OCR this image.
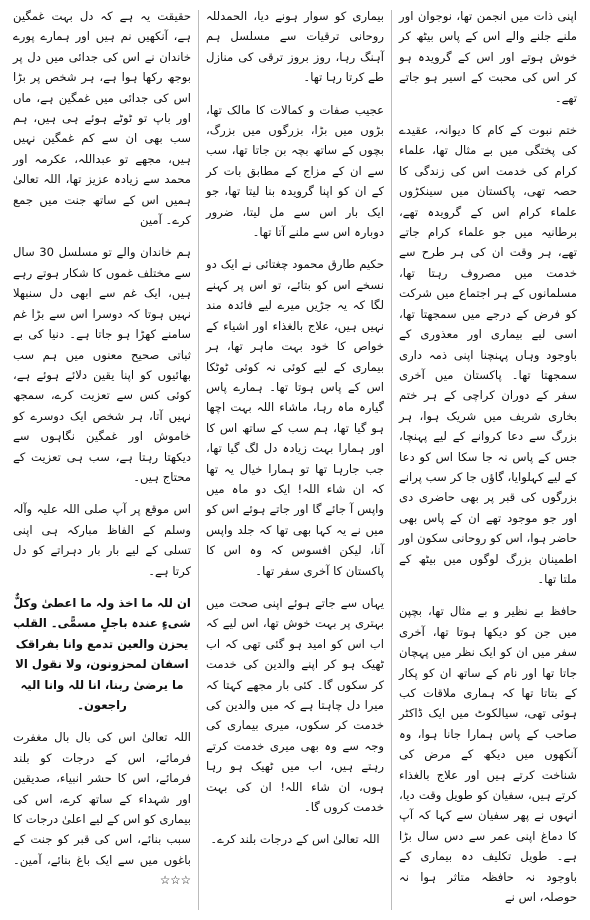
اپنی ذات میں انجمن تھا، نوجوان اور ملنے جلنے والے اس کے پاس بیٹھ کر خوش ہوتے اور اس کے گرویدہ ہو کر اس کی محبت کے اسیر ہو جاتے تھے۔

ختم نبوت کے کام کا دیوانہ، عقیدے کی پختگی میں بے مثال تھا، علماء کرام کی خدمت اس کی زندگی کا حصہ تھی، پاکستان میں سینکڑوں علماء کرام اس کے گرویدہ تھے، برطانیہ میں جو علماء کرام جاتے تھے، ہر وقت ان کی ہر طرح سے خدمت میں مصروف رہتا تھا، مسلمانوں کے ہر اجتماع میں شرکت کو فرض کے درجے میں سمجھتا تھا، اسی لیے بیماری اور معذوری کے باوجود وہاں پہنچنا اپنی ذمہ داری سمجھتا تھا۔ پاکستان میں آخری سفر کے دوران کراچی کے ہر ختم بخاری شریف میں شریک ہوا، ہر بزرگ سے دعا کروانے کے لیے پہنچا، جس کے پاس نہ جا سکا اس کو دعا کے لیے کہلوایا، گاؤں جا کر سب پرانے بزرگوں کی قبر پر بھی حاضری دی اور جو موجود تھے ان کے پاس بھی حاضر ہوا، اس کو روحانی سکون اور اطمینان بزرگ لوگوں میں بیٹھ کے ملتا تھا۔

حافظ بے نظیر و بے مثال تھا، بچپن میں جن کو دیکھا ہوتا تھا، آخری سفر میں ان کو ایک نظر میں پہچان جاتا تھا اور نام کے ساتھ ان کو پکار کے بتاتا تھا کہ ہماری ملاقات کب ہوئی تھی، سیالکوٹ میں ایک ڈاکٹر صاحب کے پاس ہمارا جانا ہوا، وہ آنکھوں میں دیکھ کے مرض کی شناخت کرتے ہیں اور علاج بالغذاء کرتے ہیں، سفیان کو طویل وقت دیا، انہوں نے پھر سفیان سے کہا کہ آپ کا دماغ اپنی عمر سے دس سال بڑا ہے۔ طویل تکلیف دہ بیماری کے باوجود نہ حافظہ متاثر ہوا نہ حوصلہ، اس نے

بیماری کو سوار ہونے دیا، الحمدللہ روحانی ترقیات سے مسلسل ہم آہنگ رہا، روز بروز ترقی کی منازل طے کرتا رہا تھا۔

عجیب صفات و کمالات کا مالک تھا، بڑوں میں بڑا، بزرگوں میں بزرگ، بچوں کے ساتھ بچہ بن جاتا تھا، سب سے ان کے مزاج کے مطابق بات کر کے ان کو اپنا گرویدہ بنا لیتا تھا، جو ایک بار اس سے مل لیتا، ضرور دوبارہ اس سے ملنے آتا تھا۔

حکیم طارق محمود چغتائی نے ایک دو نسخے اس کو بتائے، تو اس پر کہنے لگا کہ یہ جڑیں میرے لیے فائدہ مند نہیں ہیں، علاج بالغذاء اور اشیاء کے خواص کا خود بہت ماہر تھا، ہر بیماری کے لیے کوئی نہ کوئی ٹوٹکا اس کے پاس ہوتا تھا۔ ہمارے پاس گیارہ ماہ رہا، ماشاء اللہ بہت اچھا ہو گیا تھا، ہم سب کے ساتھ اس کا اور ہمارا بہت زیادہ دل لگ گیا تھا، جب جارہا تھا تو ہمارا خیال یہ تھا کہ ان شاء اللہ! ایک دو ماہ میں واپس آ جائے گا اور جاتے ہوئے اس کو میں نے یہ کہا بھی تھا کہ جلد واپس آنا، لیکن افسوس کہ وہ اس کا پاکستان کا آخری سفر تھا۔

یہاں سے جاتے ہوئے اپنی صحت میں بہتری پر بہت خوش تھا، اس لیے کہ اب اس کو امید ہو گئی تھی کہ اب ٹھیک ہو کر اپنے والدین کی خدمت کر سکوں گا۔ کئی بار مجھے کہتا کہ میرا دل چاہتا ہے کہ میں والدین کی خدمت کر سکوں، میری بیماری کی وجہ سے وہ بھی میری خدمت کرتے رہتے ہیں، اب میں ٹھیک ہو رہا ہوں، ان شاء اللہ! ان کی بہت خدمت کروں گا۔

اللہ تعالیٰ اس کے درجات بلند کرے۔

حقیقت یہ ہے کہ دل بہت غمگین ہے، آنکھیں نم ہیں اور ہمارے پورے خاندان نے اس کی جدائی میں دل پر بوجھ رکھا ہوا ہے، ہر شخص پر بڑا اس کی جدائی میں غمگین ہے، ماں اور باپ تو ٹوٹے ہوئے ہی ہیں، ہم سب بھی ان سے کم غمگین نہیں ہیں، مجھے تو عبداللہ، عکرمہ اور محمد سے زیادہ عزیز تھا، اللہ تعالیٰ ہمیں اس کے ساتھ جنت میں جمع کرے۔ آمین

ہم خاندان والے تو مسلسل 30 سال سے مختلف غموں کا شکار ہوتے رہے ہیں، ایک غم سے ابھی دل سنبھلا نہیں ہوتا کہ دوسرا اس سے بڑا غم سامنے کھڑا ہو جاتا ہے۔ دنیا کی بے ثباتی صحیح معنوں میں ہم سب بھائیوں کو اپنا یقین دلائے ہوئے ہے، کوئی کس سے تعزیت کرے، سمجھ نہیں آتا، ہر شخص ایک دوسرے کو خاموش اور غمگین نگاہوں سے دیکھتا رہتا ہے، سب ہی تعزیت کے محتاج ہیں۔

اس موقع پر آپ صلی اللہ علیہ وآلہ وسلم کے الفاظ مبارکہ ہی اپنی تسلی کے لیے بار بار دہراتے کو دل کرتا ہے۔

ان للہ ما اخذ ولہ ما اعطیٰ وکلٌّ شیءٍ عندہ باجلٍ مسمًّی۔ القلب یحزن والعین تدمع وانا بفراقک اسفان لمحزونون، ولا نقول الا ما یرضیٰ ربنا، انا للہ وانا الیہ راجعون۔

اللہ تعالیٰ اس کی بال بال مغفرت فرمائے، اس کے درجات کو بلند فرمائے، اس کا حشر انبیاء، صدیقین اور شہداء کے ساتھ کرے، اس کی بیماری کو اس کے لیے اعلیٰ درجات کا سبب بنائے، اس کی قبر کو جنت کے باغوں میں سے ایک باغ بنائے، آمین۔ ☆☆☆
